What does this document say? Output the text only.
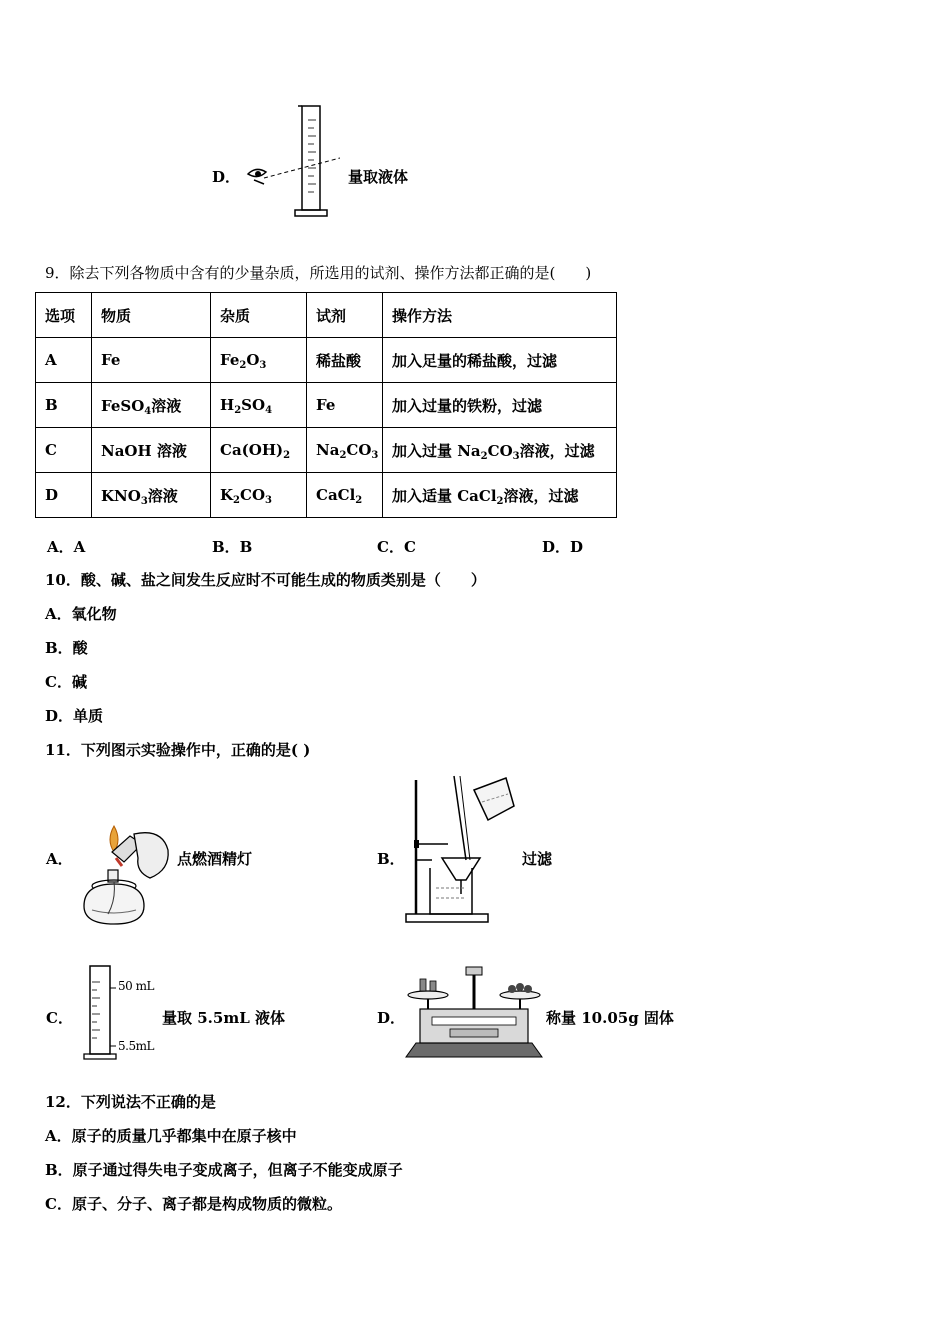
D．	量取液体
9．除去下列各物质中含有的少量杂质，所选用的试剂、操作方法都正确的是(　　)
选项	物质	杂质	试剂	操作方法
A	Fe	$Fe_2O_3$	稀盐酸	加入足量的稀盐酸，过滤
B	FeSO$_4$溶液	$H_2SO_4$	Fe	加入过量的铁粉，过滤
C	NaOH 溶液	$Ca(OH)_2$	$Na_2CO_3$	加入过量 $Na_2CO_3$溶液，过滤
D	$KNO_3$溶液	$K_2CO_3$	CaCl$_2$	加入适量 CaCl$_2$溶液，过滤
A．A	B．B	C．C	D．D
10．酸、碱、盐之间发生反应时不可能生成的物质类别是（　　）
A．氧化物
B．酸
C．碱
D．单质
11．下列图示实验操作中，正确的是( )
A．	点燃酒精灯	B．	过滤
C．
50 mL
5.5mL
量取 5.5mL 液体	D．	称量 10.05g 固体
12．下列说法不正确的是
A．原子的质量几乎都集中在原子核中
B．原子通过得失电子变成离子，但离子不能变成原子
C．原子、分子、离子都是构成物质的微粒。
